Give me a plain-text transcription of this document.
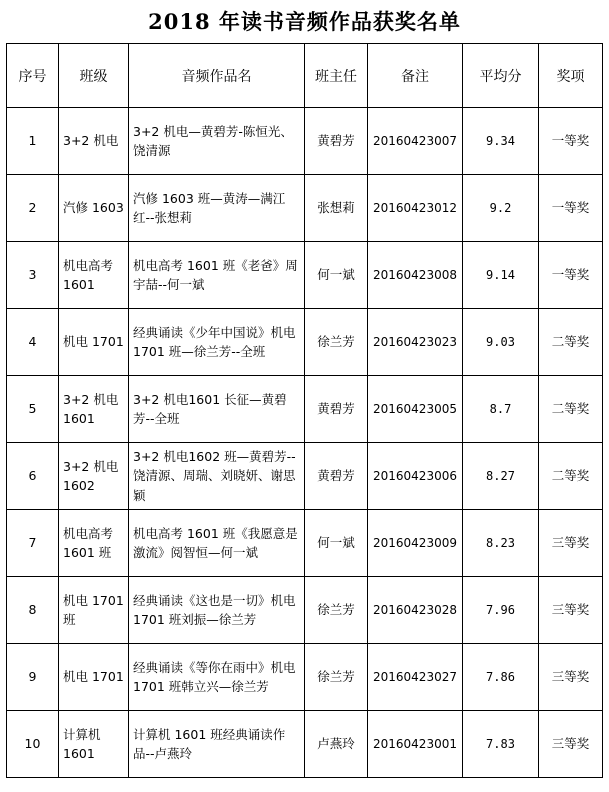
2018 年读书音频作品获奖名单
序号	班级	音频作品名	班主任	备注	平均分	奖项
1	3+2 机电	3+2 机电—黄碧芳-陈恒光、饶清源	黄碧芳	20160423007	9.34	一等奖
2	汽修 1603	汽修 1603 班—黄涛—满江红--张想莉	张想莉	20160423012	9.2	一等奖
3	机电高考 1601	机电高考 1601 班《老爸》周宇喆--何一斌	何一斌	20160423008	9.14	一等奖
4	机电 1701	经典诵读《少年中国说》机电 1701 班—徐兰芳--全班	徐兰芳	20160423023	9.03	二等奖
5	3+2 机电 1601	3+2 机电1601 长征—黄碧芳--全班	黄碧芳	20160423005	8.7	二等奖
6	3+2 机电 1602	3+2 机电1602 班—黄碧芳--饶清源、周瑞、刘晓妍、谢思颖	黄碧芳	20160423006	8.27	二等奖
7	机电高考 1601 班	机电高考 1601 班《我愿意是激流》阅智恒—何一斌	何一斌	20160423009	8.23	三等奖
8	机电 1701 班	经典诵读《这也是一切》机电 1701 班刘振—徐兰芳	徐兰芳	20160423028	7.96	三等奖
9	机电 1701	经典诵读《等你在雨中》机电 1701 班韩立兴—徐兰芳	徐兰芳	20160423027	7.86	三等奖
10	计算机 1601	计算机 1601 班经典诵读作品--卢燕玲	卢燕玲	20160423001	7.83	三等奖
